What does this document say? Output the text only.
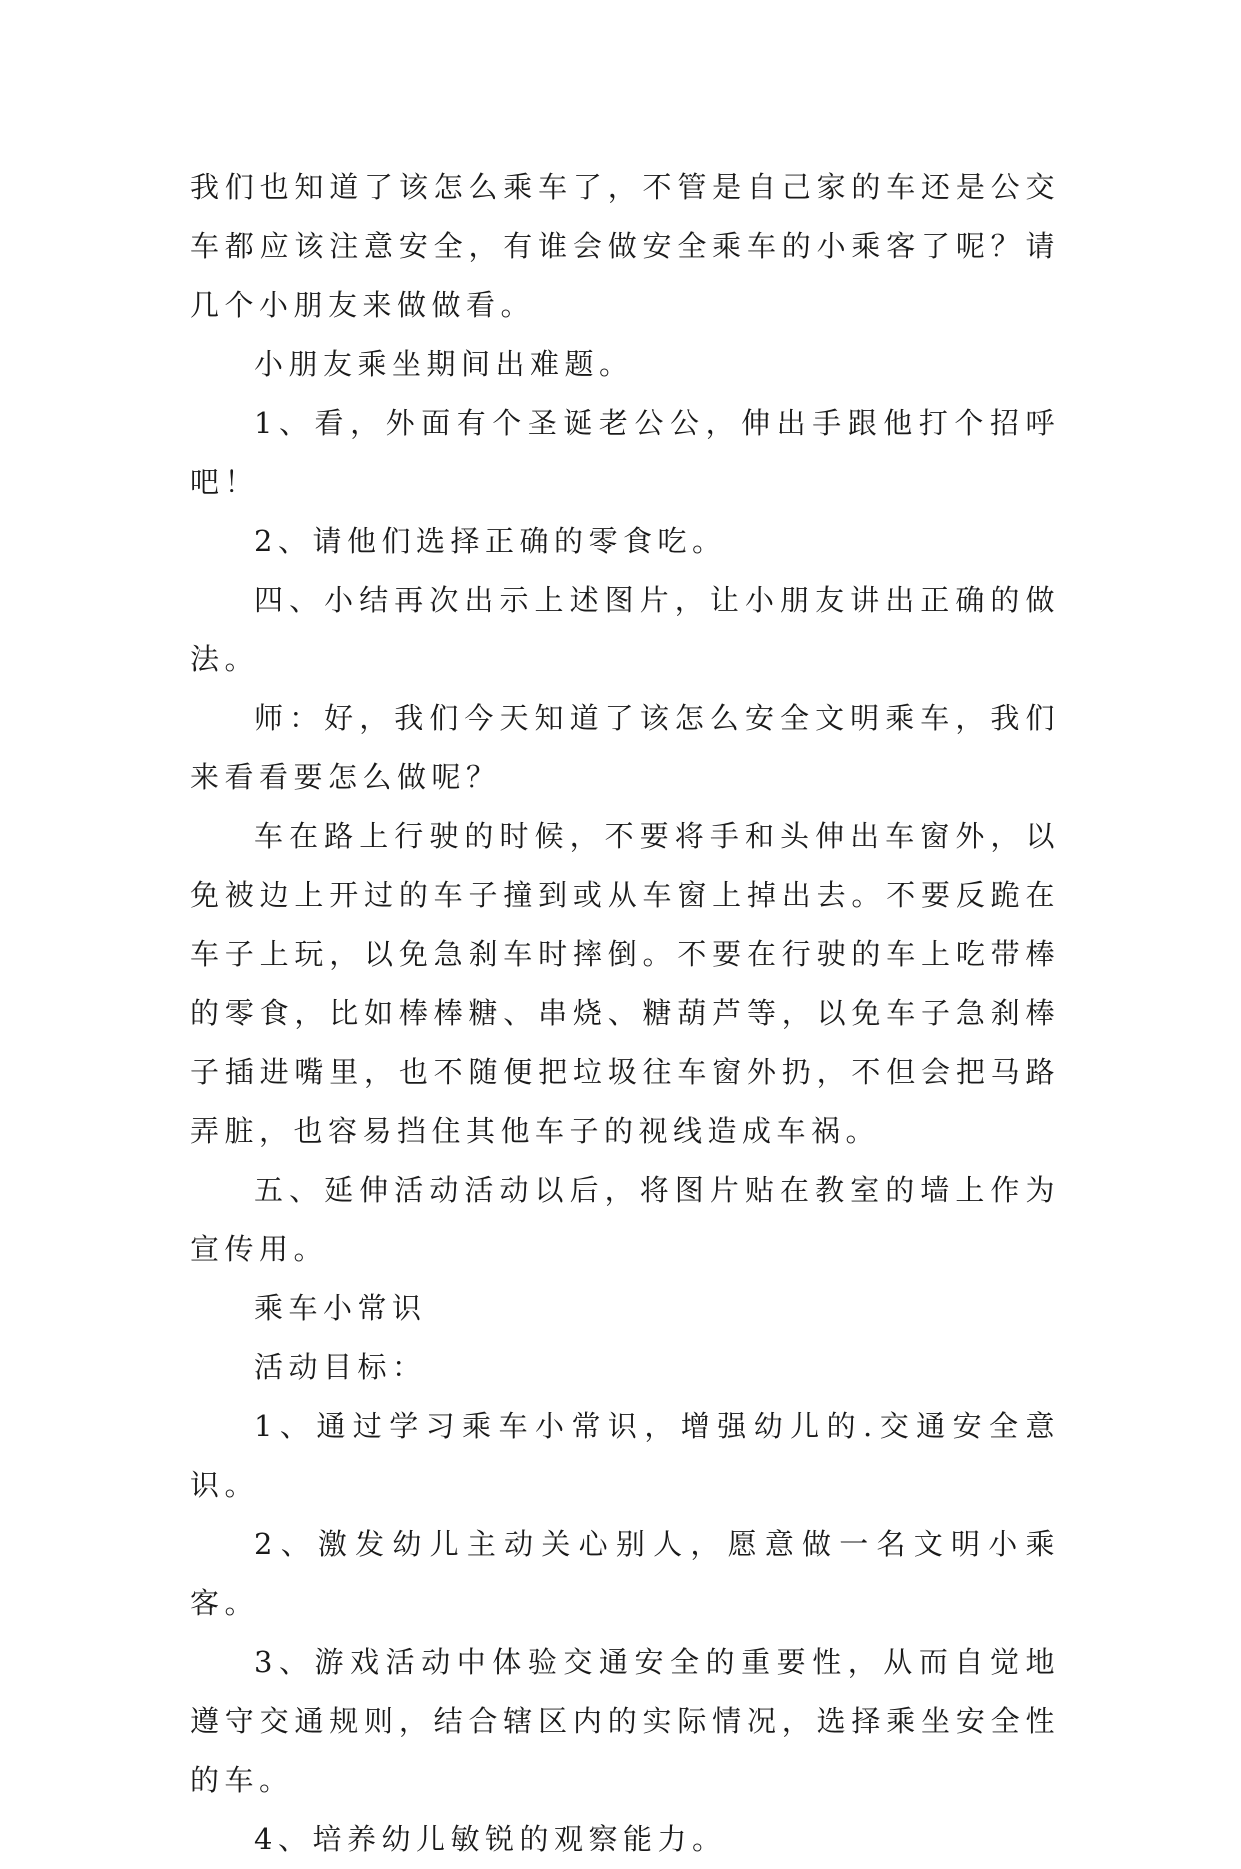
我们也知道了该怎么乘车了，不管是自己家的车还是公交车都应该注意安全，有谁会做安全乘车的小乘客了呢？请几个小朋友来做做看。

小朋友乘坐期间出难题。

1、看，外面有个圣诞老公公，伸出手跟他打个招呼吧！

2、请他们选择正确的零食吃。

四、小结再次出示上述图片，让小朋友讲出正确的做法。

师：好，我们今天知道了该怎么安全文明乘车，我们来看看要怎么做呢？

车在路上行驶的时候，不要将手和头伸出车窗外，以免被边上开过的车子撞到或从车窗上掉出去。不要反跪在车子上玩，以免急刹车时摔倒。不要在行驶的车上吃带棒的零食，比如棒棒糖、串烧、糖葫芦等，以免车子急刹棒子插进嘴里，也不随便把垃圾往车窗外扔，不但会把马路弄脏，也容易挡住其他车子的视线造成车祸。

五、延伸活动活动以后，将图片贴在教室的墙上作为宣传用。

乘车小常识

活动目标：

1、通过学习乘车小常识，增强幼儿的.交通安全意识。

2、激发幼儿主动关心别人，愿意做一名文明小乘客。

3、游戏活动中体验交通安全的重要性，从而自觉地遵守交通规则，结合辖区内的实际情况，选择乘坐安全性的车。

4、培养幼儿敏锐的观察能力。
